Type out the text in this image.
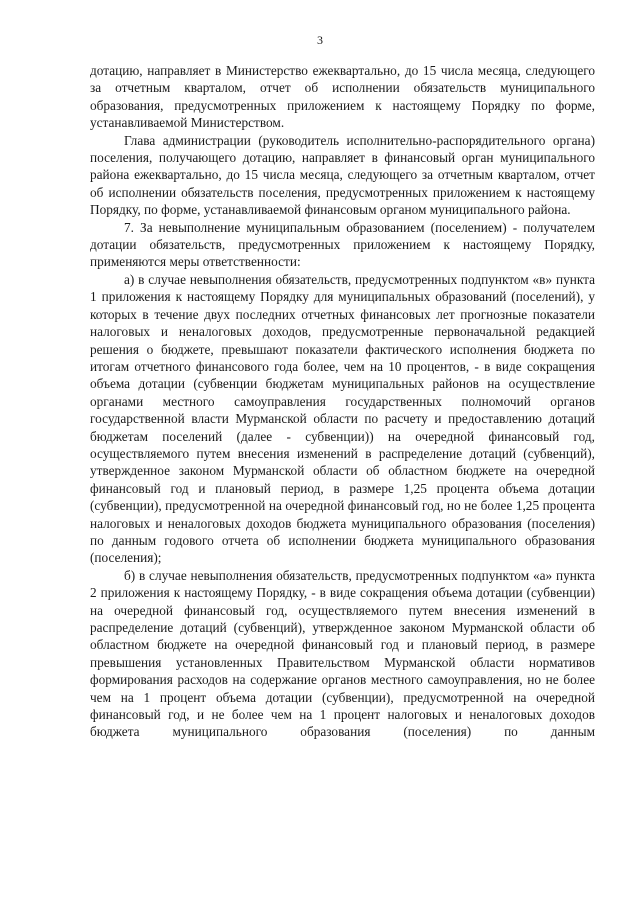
3

дотацию, направляет в Министерство ежеквартально, до 15 числа месяца, следующего за отчетным кварталом, отчет об исполнении обязательств муниципального образования, предусмотренных приложением к настоящему Порядку по форме, устанавливаемой Министерством.

Глава администрации (руководитель исполнительно-распорядительного органа) поселения, получающего дотацию, направляет в финансовый орган муниципального района ежеквартально, до 15 числа месяца, следующего за отчетным кварталом, отчет об исполнении обязательств поселения, предусмотренных приложением к настоящему Порядку, по форме, устанавливаемой финансовым органом муниципального района.

7. За невыполнение муниципальным образованием (поселением) - получателем дотации обязательств, предусмотренных приложением к настоящему Порядку, применяются меры ответственности:

а) в случае невыполнения обязательств, предусмотренных подпунктом «в» пункта 1 приложения к настоящему Порядку для муниципальных образований (поселений), у которых в течение двух последних отчетных финансовых лет прогнозные показатели налоговых и неналоговых доходов, предусмотренные первоначальной редакцией решения о бюджете, превышают показатели фактического исполнения бюджета по итогам отчетного финансового года более, чем на 10 процентов, - в виде сокращения объема дотации (субвенции бюджетам муниципальных районов на осуществление органами местного самоуправления государственных полномочий органов государственной власти Мурманской области по расчету и предоставлению дотаций бюджетам поселений (далее - субвенции)) на очередной финансовый год, осуществляемого путем внесения изменений в распределение дотаций (субвенций), утвержденное законом Мурманской области об областном бюджете на очередной финансовый год и плановый период, в размере 1,25 процента объема дотации (субвенции), предусмотренной на очередной финансовый год, но не более 1,25 процента налоговых и неналоговых доходов бюджета муниципального образования (поселения) по данным годового отчета об исполнении бюджета муниципального образования (поселения);

б) в случае невыполнения обязательств, предусмотренных подпунктом «а» пункта 2 приложения к настоящему Порядку, - в виде сокращения объема дотации (субвенции) на очередной финансовый год, осуществляемого путем внесения изменений в распределение дотаций (субвенций), утвержденное законом Мурманской области об областном бюджете на очередной финансовый год и плановый период, в размере превышения установленных Правительством Мурманской области нормативов формирования расходов на содержание органов местного самоуправления, но не более чем на 1 процент объема дотации (субвенции), предусмотренной на очередной финансовый год, и не более чем на 1 процент налоговых и неналоговых доходов бюджета муниципального образования (поселения) по данным
